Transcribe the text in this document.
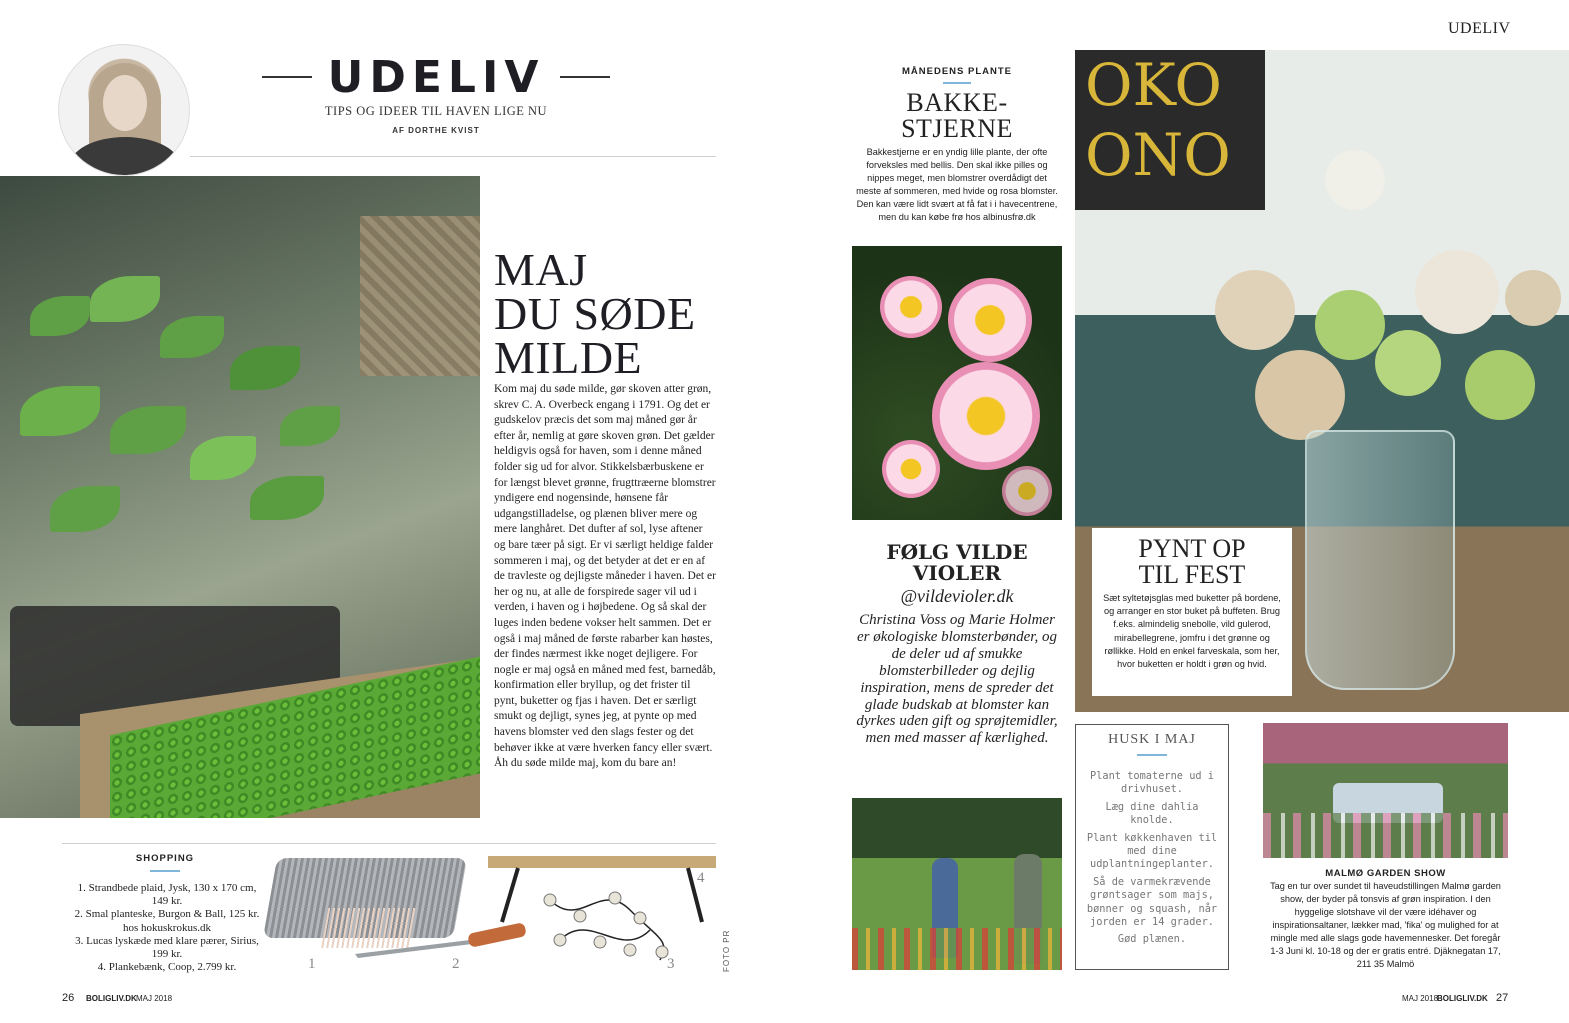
UDELIV
TIPS OG IDEER TIL HAVEN LIGE NU
AF DORTHE KVIST
MAJ
DU SØDE
MILDE
Kom maj du søde milde, gør skoven atter grøn, skrev C. A. Overbeck engang i 1791. Og det er gudskelov præcis det som maj måned gør år efter år, nemlig at gøre skoven grøn. Det gælder heldigvis også for haven, som i denne måned folder sig ud for alvor. Stikkelsbærbuskene er for længst blevet grønne, frugttræerne blomstrer yndigere end nogensinde, hønsene får udgangstilladelse, og plænen bliver mere og mere langhåret. Det dufter af sol, lyse aftener og bare tæer på sigt. Er vi særligt heldige falder sommeren i maj, og det betyder at det er en af de travleste og dejligste måneder i haven. Det er her og nu, at alle de forspirede sager vil ud i verden, i haven og i højbedene. Og så skal der luges inden bedene vokser helt sammen. Det er også i maj måned de første rabarber kan høstes, der findes nærmest ikke noget dejligere. For nogle er maj også en måned med fest, barnedåb, konfirmation eller bryllup, og det frister til pynt, buketter og fjas i haven. Det er særligt smukt og dejligt, synes jeg, at pynte op med havens blomster ved den slags fester og det behøver ikke at være hverken fancy eller svært. Åh du søde milde maj, kom du bare an!
SHOPPING
1. Strandbede plaid, Jysk, 130 x 170 cm, 149 kr.
2. Smal planteske, Burgon & Ball, 125 kr. hos hokuskrokus.dk
3. Lucas lyskæde med klare pærer, Sirius, 199 kr.
4. Plankebænk, Coop, 2.799 kr.	1	2	3
4
FOTO PR
26 BOLIGLIV.DK MAJ 2018
UDELIV
MÅNEDENS PLANTE
BAKKE-
STJERNE
Bakkestjerne er en yndig lille plante, der ofte forveksles med bellis. Den skal ikke pilles og nippes meget, men blomstrer overdådigt det meste af sommeren, med hvide og rosa blomster. Den kan være lidt svært at få fat i i havecentrene, men du kan købe frø hos albinusfrø.dk
FØLG VILDE
VIOLER
@vildevioler.dk
Christina Voss og Marie Holmer er økologiske blomsterbønder, og de deler ud af smukke blomsterbilleder og dejlig inspiration, mens de spreder det glade budskab at blomster kan dyrkes uden gift og sprøjtemidler, men med masser af kærlighed.
OKO
ONO
PYNT OP
TIL FEST
Sæt syltetøjsglas med buketter på bordene, og arranger en stor buket på buffeten. Brug f.eks. almindelig snebolle, vild gulerod, mirabellegrene, jomfru i det grønne og røllikke. Hold en enkel farveskala, som her, hvor buketten er holdt i grøn og hvid.
HUSK I MAJ
Plant tomaterne ud i drivhuset.
Læg dine dahlia knolde.
Plant køkkenhaven til med dine udplantningeplanter.
Så de varmekrævende grøntsager som majs, bønner og squash, når jorden er 14 grader.
Gød plænen.
MALMØ GARDEN SHOW
Tag en tur over sundet til haveudstillingen Malmø garden show, der byder på tonsvis af grøn inspiration. I den hyggelige slotshave vil der være idéhaver og inspirationsaltaner, lækker mad, 'fika' og mulighed for at mingle med alle slags gode havemennesker. Det foregår 1-3 Juni kl. 10-18 og der er gratis entré. Djäknegatan 17, 211 35 Malmö
MAJ 2018
BOLIGLIV.DK 27
